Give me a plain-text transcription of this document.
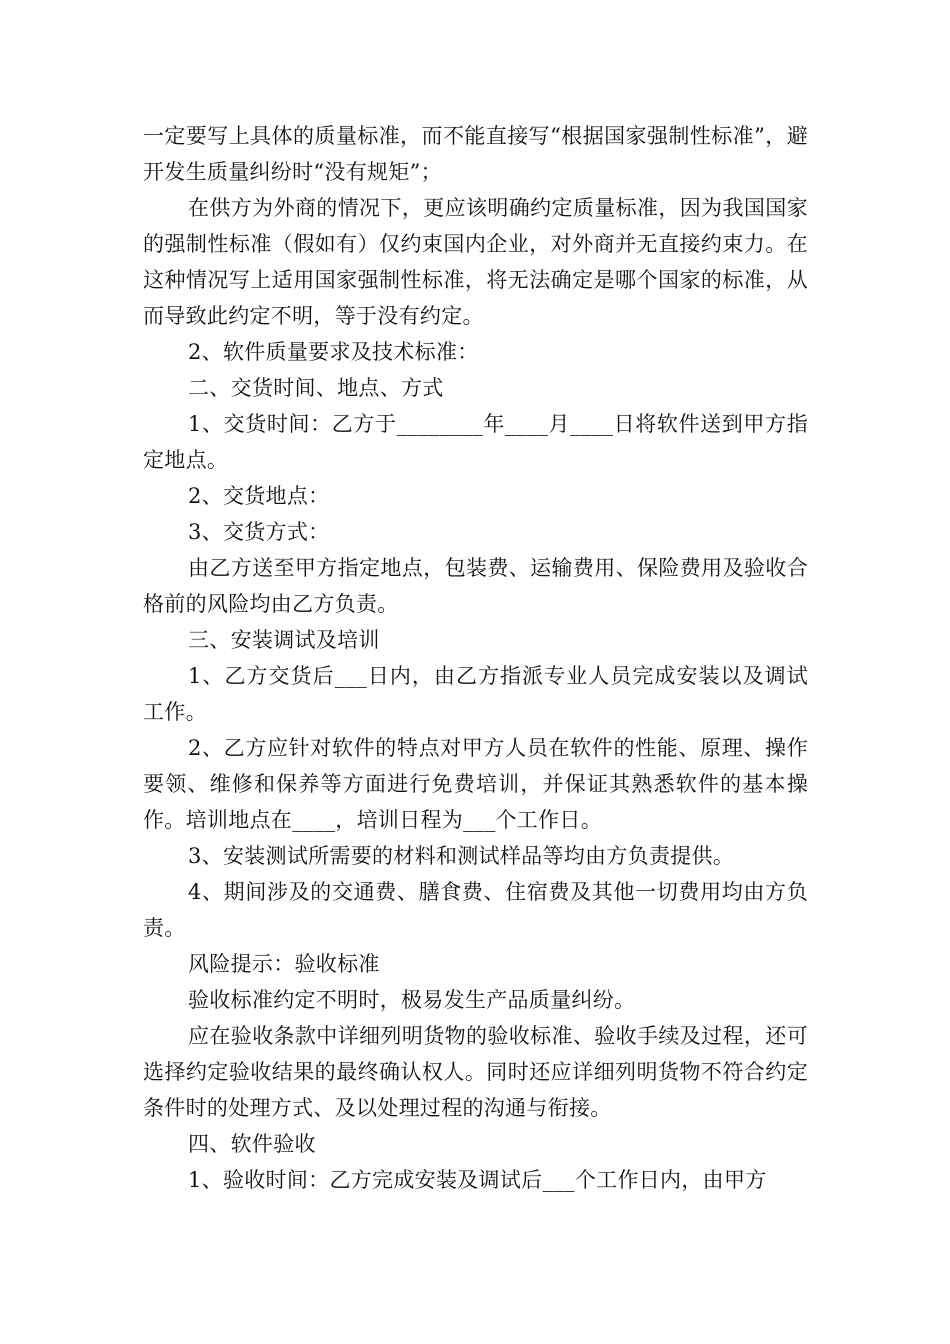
一定要写上具体的质量标准，而不能直接写“根据国家强制性标准”，避开发生质量纠纷时“没有规矩”；

在供方为外商的情况下，更应该明确约定质量标准，因为我国国家的强制性标准（假如有）仅约束国内企业，对外商并无直接约束力。在这种情况写上适用国家强制性标准，将无法确定是哪个国家的标准，从而导致此约定不明，等于没有约定。

2、软件质量要求及技术标准：

二、交货时间、地点、方式

1、交货时间：乙方于________年____月____日将软件送到甲方指定地点。

2、交货地点：

3、交货方式：

由乙方送至甲方指定地点，包装费、运输费用、保险费用及验收合格前的风险均由乙方负责。

三、安装调试及培训

1、乙方交货后___日内，由乙方指派专业人员完成安装以及调试工作。

2、乙方应针对软件的特点对甲方人员在软件的性能、原理、操作要领、维修和保养等方面进行免费培训，并保证其熟悉软件的基本操作。培训地点在____，培训日程为___个工作日。

3、安装测试所需要的材料和测试样品等均由方负责提供。

4、期间涉及的交通费、膳食费、住宿费及其他一切费用均由方负责。

风险提示：验收标准

验收标准约定不明时，极易发生产品质量纠纷。

应在验收条款中详细列明货物的验收标准、验收手续及过程，还可选择约定验收结果的最终确认权人。同时还应详细列明货物不符合约定条件时的处理方式、及以处理过程的沟通与衔接。

四、软件验收

1、验收时间：乙方完成安装及调试后___个工作日内，由甲方
